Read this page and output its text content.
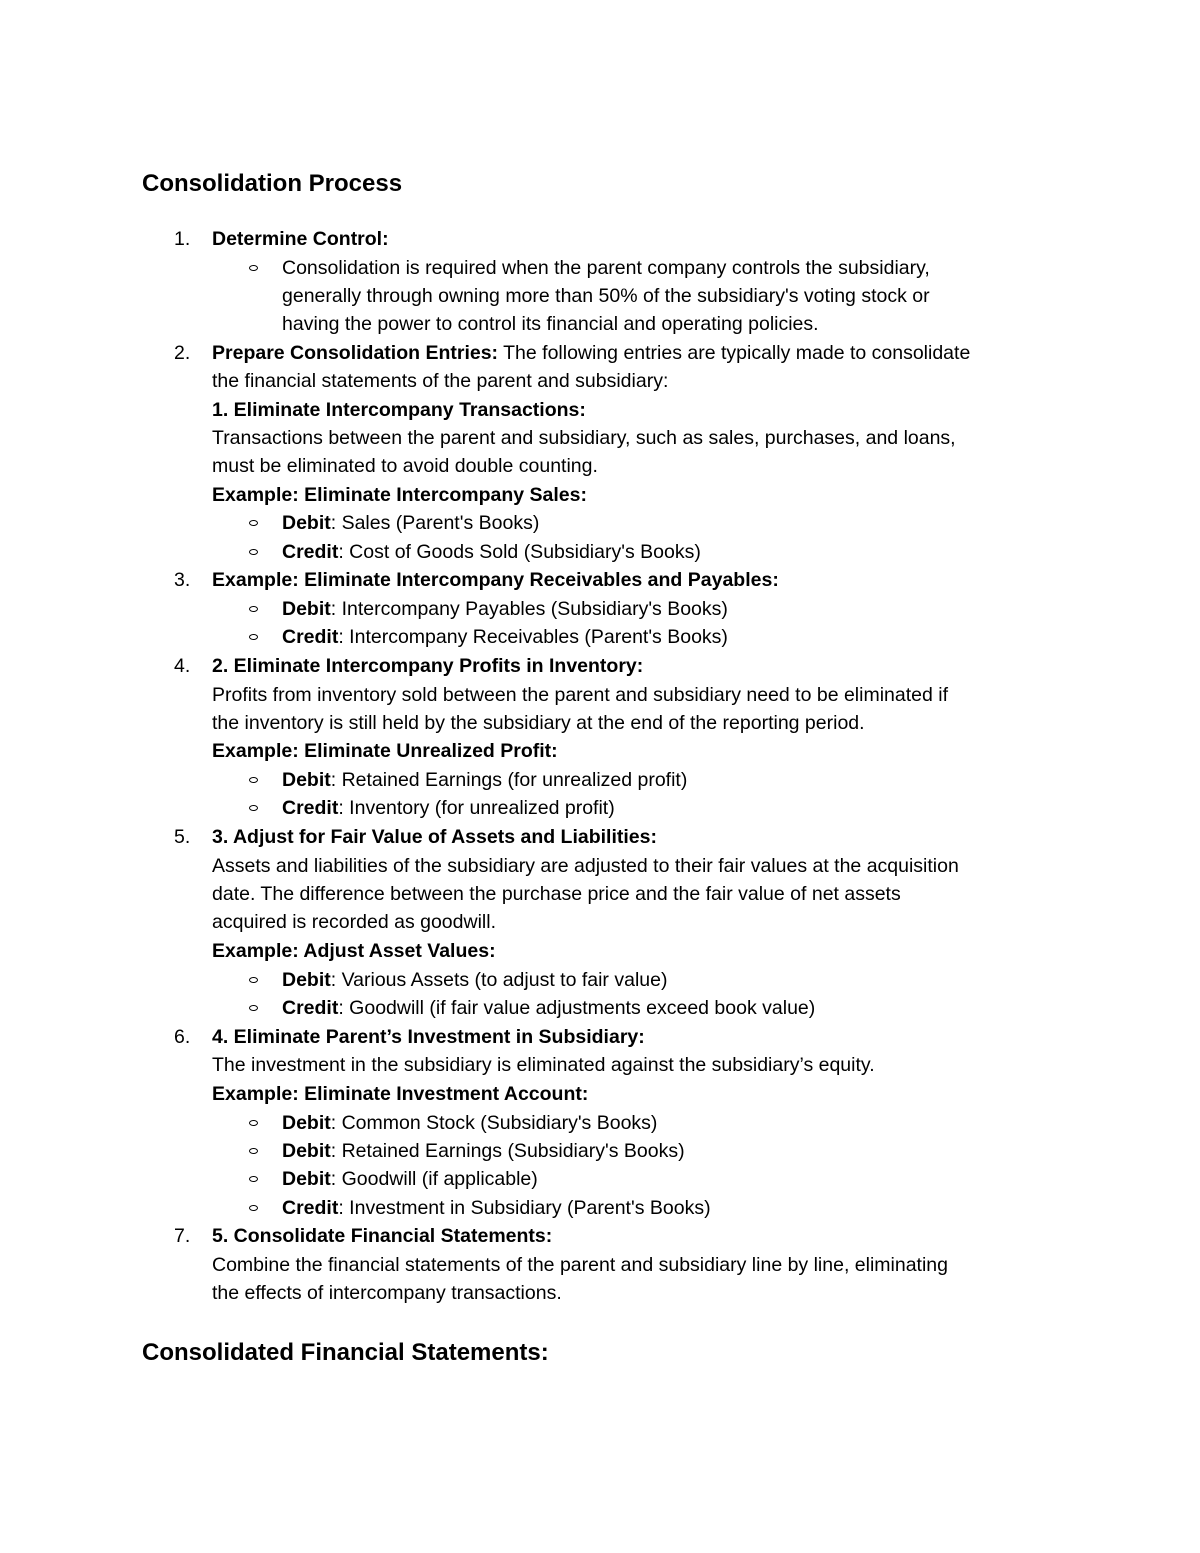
Consolidation Process
1. Determine Control:
Consolidation is required when the parent company controls the subsidiary,
generally through owning more than 50% of the subsidiary's voting stock or
having the power to control its financial and operating policies.
2. Prepare Consolidation Entries: The following entries are typically made to consolidate
the financial statements of the parent and subsidiary:
1. Eliminate Intercompany Transactions:
Transactions between the parent and subsidiary, such as sales, purchases, and loans,
must be eliminated to avoid double counting.
Example: Eliminate Intercompany Sales:
Debit: Sales (Parent's Books)
Credit: Cost of Goods Sold (Subsidiary's Books)
3. Example: Eliminate Intercompany Receivables and Payables:
Debit: Intercompany Payables (Subsidiary's Books)
Credit: Intercompany Receivables (Parent's Books)
4. 2. Eliminate Intercompany Profits in Inventory:
Profits from inventory sold between the parent and subsidiary need to be eliminated if
the inventory is still held by the subsidiary at the end of the reporting period.
Example: Eliminate Unrealized Profit:
Debit: Retained Earnings (for unrealized profit)
Credit: Inventory (for unrealized profit)
5. 3. Adjust for Fair Value of Assets and Liabilities:
Assets and liabilities of the subsidiary are adjusted to their fair values at the acquisition
date. The difference between the purchase price and the fair value of net assets
acquired is recorded as goodwill.
Example: Adjust Asset Values:
Debit: Various Assets (to adjust to fair value)
Credit: Goodwill (if fair value adjustments exceed book value)
6. 4. Eliminate Parent’s Investment in Subsidiary:
The investment in the subsidiary is eliminated against the subsidiary’s equity.
Example: Eliminate Investment Account:
Debit: Common Stock (Subsidiary's Books)
Debit: Retained Earnings (Subsidiary's Books)
Debit: Goodwill (if applicable)
Credit: Investment in Subsidiary (Parent's Books)
7. 5. Consolidate Financial Statements:
Combine the financial statements of the parent and subsidiary line by line, eliminating
the effects of intercompany transactions.
Consolidated Financial Statements:
